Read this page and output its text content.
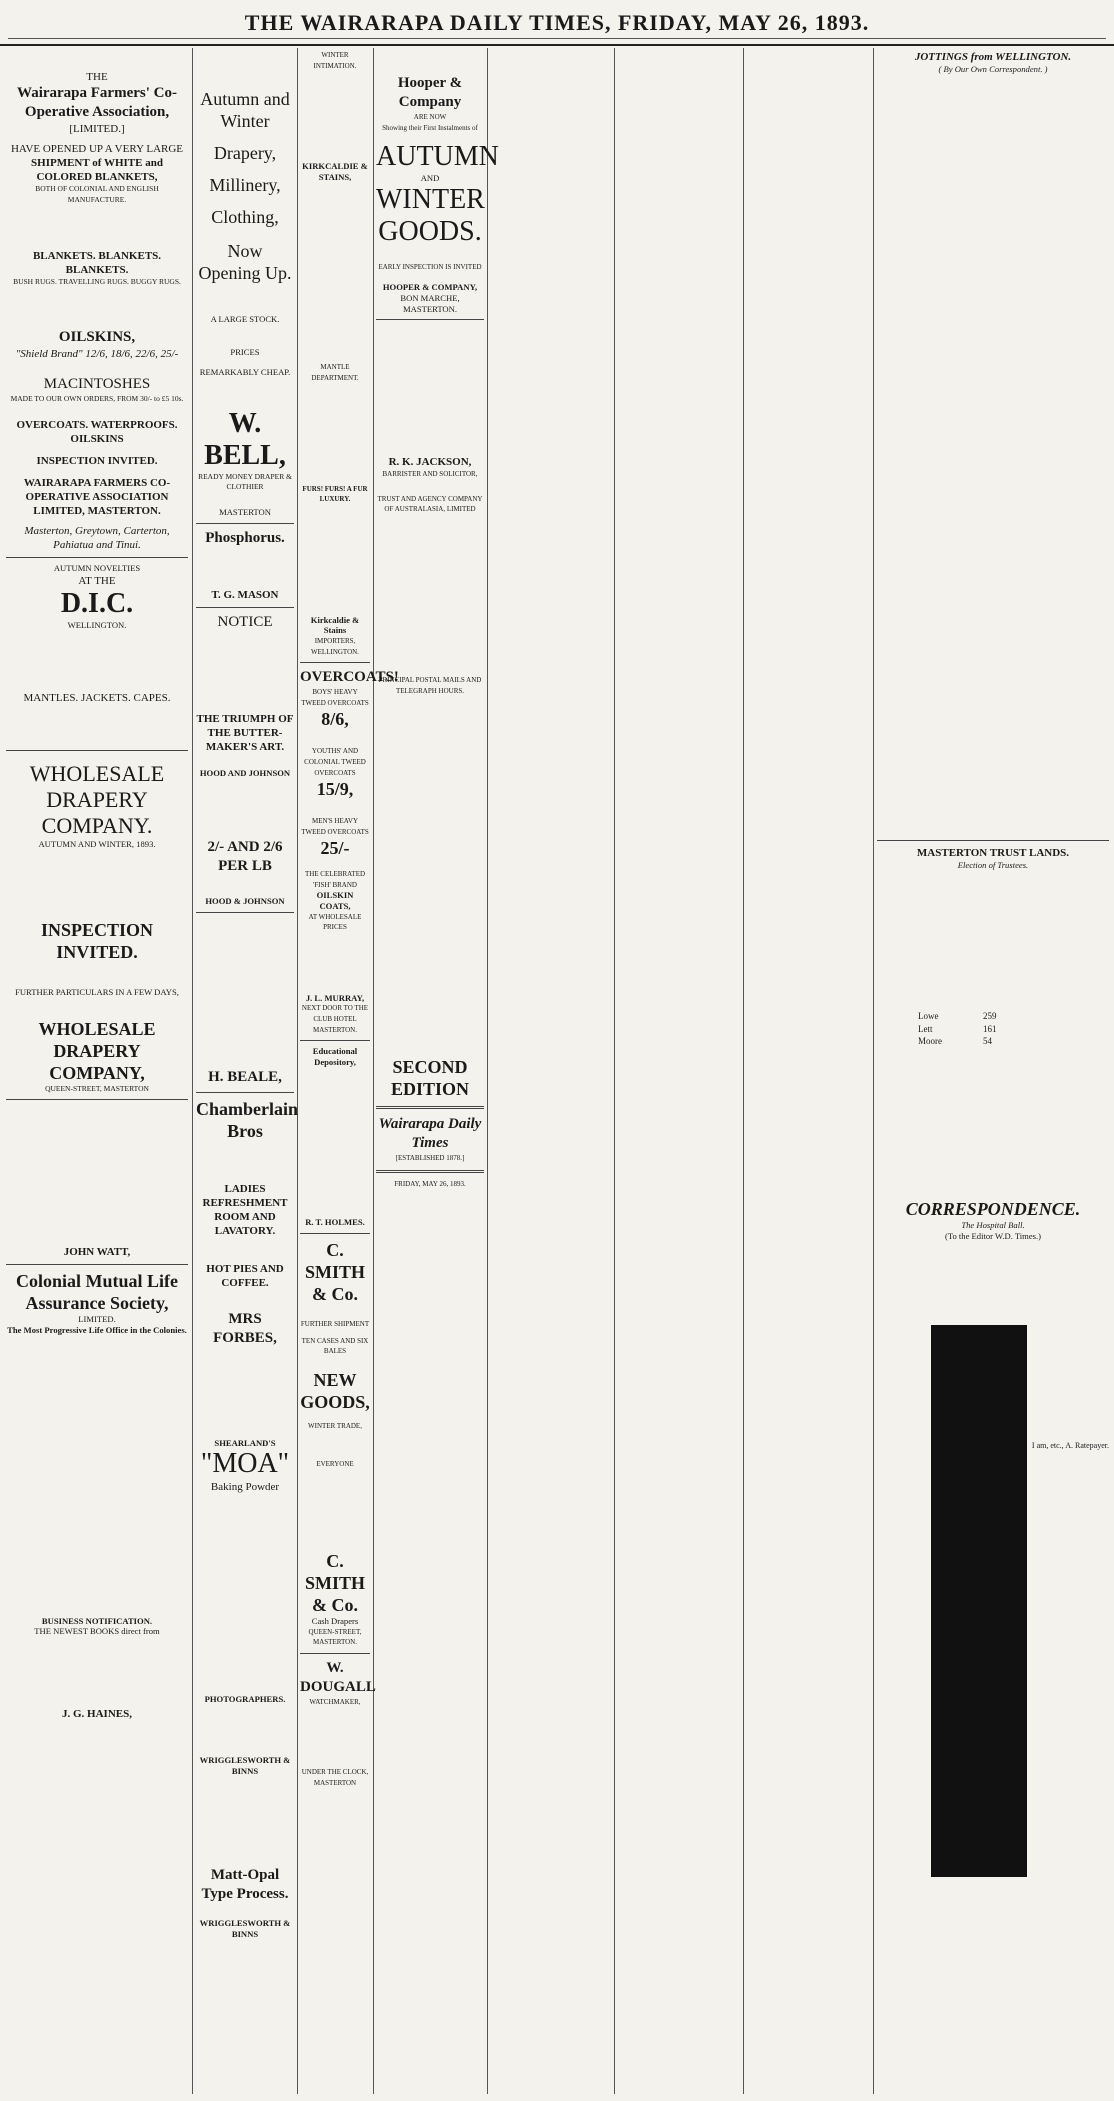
THE WAIRARAPA DAILY TIMES, FRIDAY, MAY 26, 1893.
THE
Wairarapa Farmers' Co-Operative Association,
[LIMITED.]
HAVE OPENED UP A VERY LARGE
SHIPMENT of WHITE and COLORED BLANKETS,
BOTH OF COLONIAL AND ENGLISH MANUFACTURE.
BLANKETS. BLANKETS. BLANKETS.
BUSH RUGS. TRAVELLING RUGS. BUGGY RUGS.
OILSKINS,
"Shield Brand" 12/6, 18/6, 22/6, 25/-
MACINTOSHES
MADE TO OUR OWN ORDERS, FROM 30/- to £5 10s.
OVERCOATS. WATERPROOFS. OILSKINS
INSPECTION INVITED.
WAIRARAPA FARMERS CO-OPERATIVE ASSOCIATION LIMITED, MASTERTON.
Masterton, Greytown, Carterton, Pahiatua and Tinui.
AUTUMN NOVELTIES
AT THE
D.I.C.
WELLINGTON.
MANTLES. JACKETS. CAPES.
WHOLESALE DRAPERY
COMPANY.
AUTUMN AND WINTER, 1893.
INSPECTION INVITED.
FURTHER PARTICULARS IN A FEW DAYS,
WHOLESALE DRAPERY COMPANY,
QUEEN-STREET, MASTERTON
JOHN WATT,
Colonial Mutual Life Assurance Society,
LIMITED.
The Most Progressive Life Office in the Colonies.
BUSINESS NOTIFICATION.
THE NEWEST BOOKS direct from
J. G. HAINES,
Autumn and Winter
Drapery,
Millinery,
Clothing,
Now Opening Up.
A LARGE STOCK.
PRICES
REMARKABLY CHEAP.
W. BELL,
READY MONEY DRAPER & CLOTHIER
MASTERTON
Phosphorus.
T. G. MASON
NOTICE
THE TRIUMPH OF THE BUTTER-MAKER'S ART.
HOOD AND JOHNSON
2/- AND 2/6 PER LB
HOOD & JOHNSON
H. BEALE,
Chamberlain Bros
LADIES REFRESHMENT ROOM AND LAVATORY.
HOT PIES AND COFFEE.
MRS FORBES,
SHEARLAND'S
"MOA"
Baking Powder
PHOTOGRAPHERS.
WRIGGLESWORTH & BINNS
Matt-Opal Type Process.
WRIGGLESWORTH & BINNS
WINTER INTIMATION.
KIRKCALDIE & STAINS,
MANTLE DEPARTMENT.
FURS! FURS! A FUR LUXURY.
Kirkcaldie & Stains
IMPORTERS, WELLINGTON.
OVERCOATS!
BOYS' HEAVY TWEED OVERCOATS
8/6,
YOUTHS' AND COLONIAL TWEED OVERCOATS
15/9,
MEN'S HEAVY TWEED OVERCOATS
25/-
THE CELEBRATED 'FISH' BRAND
OILSKIN COATS,
AT WHOLESALE PRICES
J. L. MURRAY,
NEXT DOOR TO THE CLUB HOTEL
MASTERTON.
Educational Depository,
R. T. HOLMES.
C. SMITH & Co.
FURTHER SHIPMENT
TEN CASES AND SIX BALES
NEW GOODS,
WINTER TRADE,
EVERYONE
C. SMITH & Co.
Cash Drapers
QUEEN-STREET, MASTERTON.
W. DOUGALL
WATCHMAKER,
UNDER THE CLOCK, MASTERTON
Hooper & Company
ARE NOW
Showing their First Instalments of
AUTUMN
AND
WINTER
GOODS.
EARLY INSPECTION IS INVITED
HOOPER & COMPANY,
BON MARCHE,
MASTERTON.
R. K. JACKSON,
BARRISTER AND SOLICITOR,
TRUST AND AGENCY COMPANY OF AUSTRALASIA, LIMITED
PRINCIPAL POSTAL MAILS AND TELEGRAPH HOURS.
SECOND EDITION
Wairarapa Daily Times
[ESTABLISHED 1878.]
FRIDAY, MAY 26, 1893.
JOTTINGS from WELLINGTON.
( By Our Own Correspondent. )
MASTERTON TRUST LANDS.
Election of Trustees.
Lowe	259
Lett	161
Moore	54
CORRESPONDENCE.
The Hospital Ball.
(To the Editor W.D. Times.)
I am, etc., A. Ratepayer.
